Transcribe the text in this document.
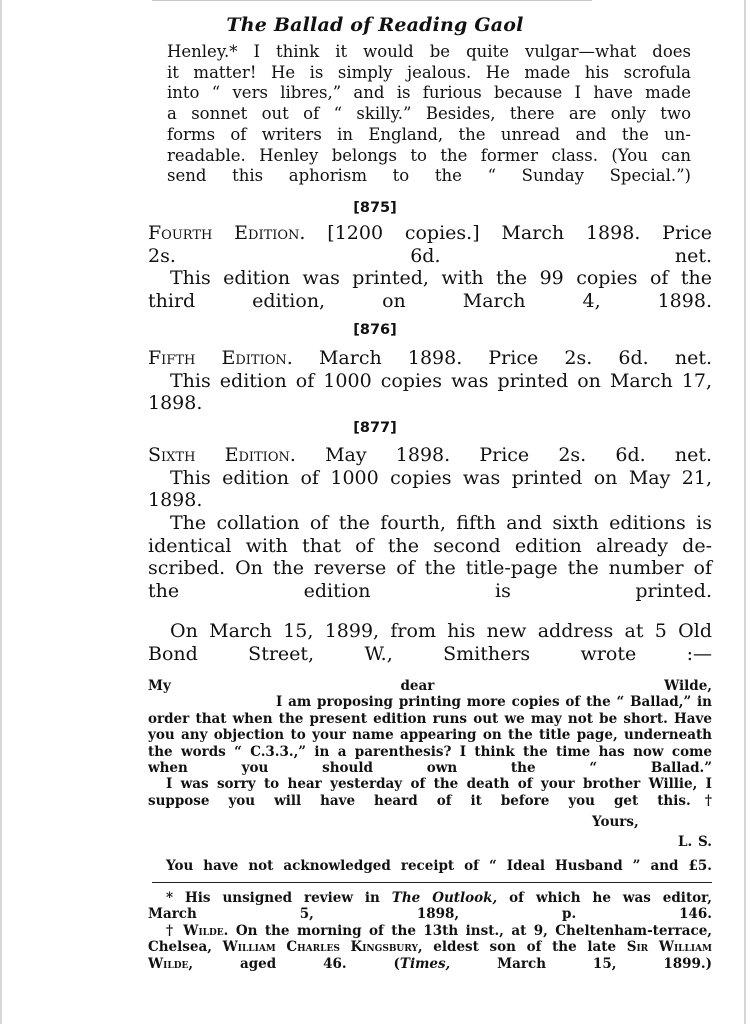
The Ballad of Reading Gaol
Henley.* I think it would be quite vulgar—what does
it matter! He is simply jealous. He made his scrofula
into “ vers libres,” and is furious because I have made
a sonnet out of “ skilly.” Besides, there are only two
forms of writers in England, the unread and the un-
readable. Henley belongs to the former class. (You can
send this aphorism to the “ Sunday Special.”)
[875]
Fourth Edition. [1200 copies.] March 1898. Price
2s. 6d. net.
This edition was printed, with the 99 copies of the
third edition, on March 4, 1898.
[876]
Fifth Edition. March 1898. Price 2s. 6d. net.
This edition of 1000 copies was printed on March 17,
1898.
[877]
Sixth Edition. May 1898. Price 2s. 6d. net.
This edition of 1000 copies was printed on May 21,
1898.
The collation of the fourth, fifth and sixth editions is
identical with that of the second edition already de-
scribed. On the reverse of the title-page the number of
the edition is printed.
On March 15, 1899, from his new address at 5 Old
Bond Street, W., Smithers wrote :—
My dear Wilde,
I am proposing printing more copies of the “ Ballad,” in
order that when the present edition runs out we may not be short. Have
you any objection to your name appearing on the title page, underneath
the words “ C.3.3.,” in a parenthesis? I think the time has now come
when you should own the “ Ballad.”
I was sorry to hear yesterday of the death of your brother Willie, I
suppose you will have heard of it before you get this.†
Yours,
L. S.
You have not acknowledged receipt of “ Ideal Husband ” and £5.
* His unsigned review in The Outlook, of which he was editor,
March 5, 1898, p. 146.
† Wilde. On the morning of the 13th inst., at 9, Cheltenham-terrace,
Chelsea, William Charles Kingsbury, eldest son of the late Sir William
Wilde, aged 46. (Times, March 15, 1899.)
